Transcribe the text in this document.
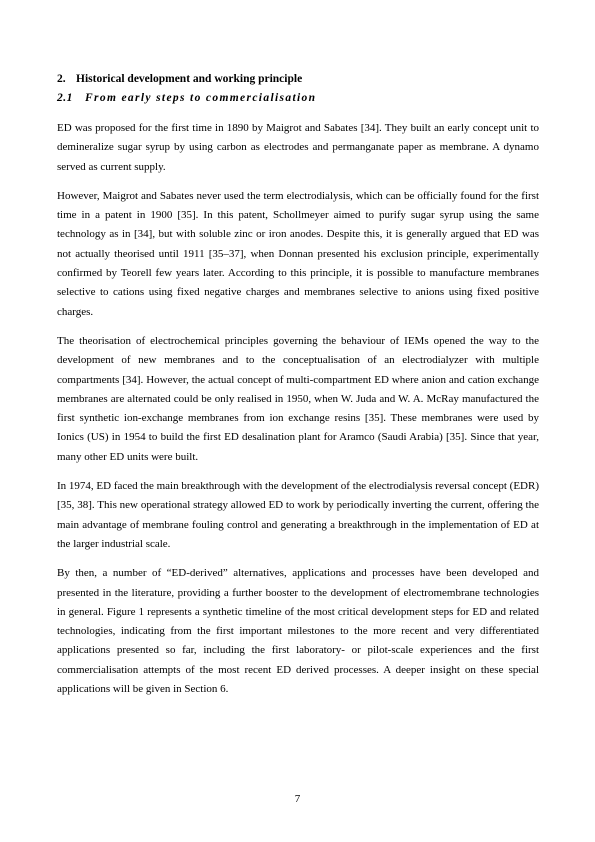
2. Historical development and working principle
2.1 From early steps to commercialisation

ED was proposed for the first time in 1890 by Maigrot and Sabates [34]. They built an early concept unit to demineralize sugar syrup by using carbon as electrodes and permanganate paper as membrane. A dynamo served as current supply.

However, Maigrot and Sabates never used the term electrodialysis, which can be officially found for the first time in a patent in 1900 [35]. In this patent, Schollmeyer aimed to purify sugar syrup using the same technology as in [34], but with soluble zinc or iron anodes. Despite this, it is generally argued that ED was not actually theorised until 1911 [35–37], when Donnan presented his exclusion principle, experimentally confirmed by Teorell few years later. According to this principle, it is possible to manufacture membranes selective to cations using fixed negative charges and membranes selective to anions using fixed positive charges.

The theorisation of electrochemical principles governing the behaviour of IEMs opened the way to the development of new membranes and to the conceptualisation of an electrodialyzer with multiple compartments [34]. However, the actual concept of multi-compartment ED where anion and cation exchange membranes are alternated could be only realised in 1950, when W. Juda and W. A. McRay manufactured the first synthetic ion-exchange membranes from ion exchange resins [35]. These membranes were used by Ionics (US) in 1954 to build the first ED desalination plant for Aramco (Saudi Arabia) [35]. Since that year, many other ED units were built.

In 1974, ED faced the main breakthrough with the development of the electrodialysis reversal concept (EDR) [35, 38]. This new operational strategy allowed ED to work by periodically inverting the current, offering the main advantage of membrane fouling control and generating a breakthrough in the implementation of ED at the larger industrial scale.

By then, a number of “ED-derived” alternatives, applications and processes have been developed and presented in the literature, providing a further booster to the development of electromembrane technologies in general. Figure 1 represents a synthetic timeline of the most critical development steps for ED and related technologies, indicating from the first important milestones to the more recent and very differentiated applications presented so far, including the first laboratory- or pilot-scale experiences and the first commercialisation attempts of the most recent ED derived processes. A deeper insight on these special applications will be given in Section 6.

7
